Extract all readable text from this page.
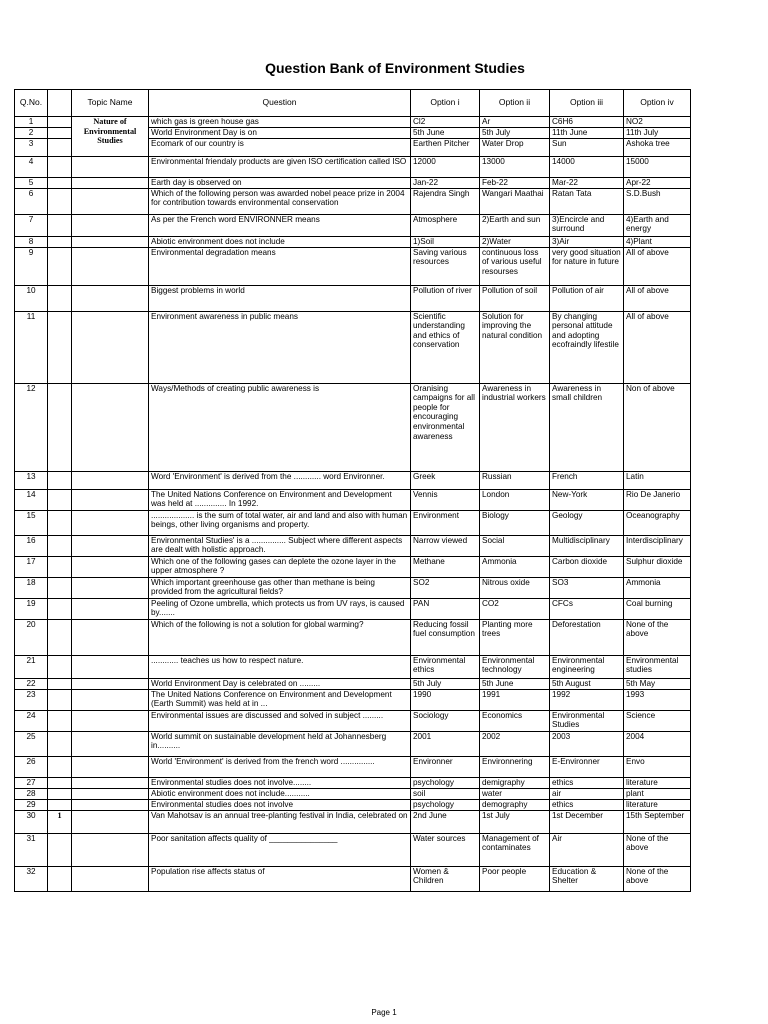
Question Bank of Environment Studies
Q.No.		Topic Name	Question	Option i	Option ii	Option iii	Option iv
1		Nature of Environmental Studies	which gas is green house gas	Cl2	Ar	C6H6	NO2
2			World Environment Day is on	5th June	5th July	11th June	11th July
3			Ecomark of our country is	Earthen Pitcher	Water Drop	Sun	Ashoka tree
4			Environmental friendaly products are given ISO certification called ISO	12000	13000	14000	15000
5			Earth day is observed on	Jan-22	Feb-22	Mar-22	Apr-22
6			Which of the following person was awarded nobel peace prize in 2004 for contribution towards environmental conservation	Rajendra Singh	Wangari Maathai	Ratan Tata	S.D.Bush
7			As per the French word ENVIRONNER means	Atmosphere	2)Earth and sun	3)Encircle and surround	4)Earth and energy
8			Abiotic environment does not include	1)Soil	2)Water	3)Air	4)Plant
9			Environmental degradation means	Saving various resources	continuous loss of various useful resourses	very good situation for nature in future	All of above
10			Biggest problems in world	Pollution of river	Pollution of soil	Pollution of air	All of above
11			Environment awareness in public means	Scientific understanding and ethics of conservation	Solution for improving the natural condition	By changing personal attitude and adopting ecofraindly lifestile	All of above
12			Ways/Methods of creating public awareness is	Oranising campaigns for all people for encouraging environmental awareness	Awareness in industrial workers	Awareness in small children	Non of above
13			Word 'Environment' is derived from the ............ word Environner.	Greek	Russian	French	Latin
14			The United Nations Conference on Environment and Development was held at .............. In 1992.	Vennis	London	New-York	Rio De Janerio
15			................... is the sum of total water, air and land and also with human beings, other living organisms and property.	Environment	Biology	Geology	Oceanography
16			Environmental Studies' is a ............... Subject where different aspects are dealt with holistic approach.	Narrow viewed	Social	Multidisciplinary	Interdisciplinary
17			Which one of the following gases can deplete the ozone layer in the upper atmosphere ?	Methane	Ammonia	Carbon dioxide	Sulphur dioxide
18			Which important greenhouse gas other than methane is being provided from the agricultural fields?	SO2	Nitrous oxide	SO3	Ammonia
19			Peeling of Ozone umbrella, which protects us from UV rays, is caused by.......	PAN	CO2	CFCs	Coal burning
20			Which of the following is not a solution for global warming?	Reducing fossil fuel consumption	Planting more trees	Deforestation	None of the above
21			............ teaches us how to respect nature.	Environmental ethics	Environmental technology	Environmental engineering	Environmental studies
22			World Environment Day is celebrated on .........	5th July	5th June	5th August	5th May
23			The United Nations Conference on Environment and Development (Earth Summit) was held at in ...	1990	1991	1992	1993
24			Environmental issues are discussed and solved in subject .........	Sociology	Economics	Environmental Studies	Science
25			World summit on sustainable development held at Johannesberg in..........	2001	2002	2003	2004
26			World 'Environment' is derived from the french word ...............	Environner	Environnering	E-Environner	Envo
27			Environmental studies does not involve........	psychology	demigraphy	ethics	literature
28			Abiotic environment does not include...........	soil	water	air	plant
29			Environmental studies does not involve	psychology	demography	ethics	literature
30	1		Van Mahotsav is an annual tree-planting festival in India, celebrated on	2nd June	1st July	1st December	15th September
31			Poor sanitation affects quality of _______________	Water sources	Management of contaminates	Air	None of the above
32			Population rise affects status of	Women & Children	Poor people	Education & Shelter	None of the above
Page 1
